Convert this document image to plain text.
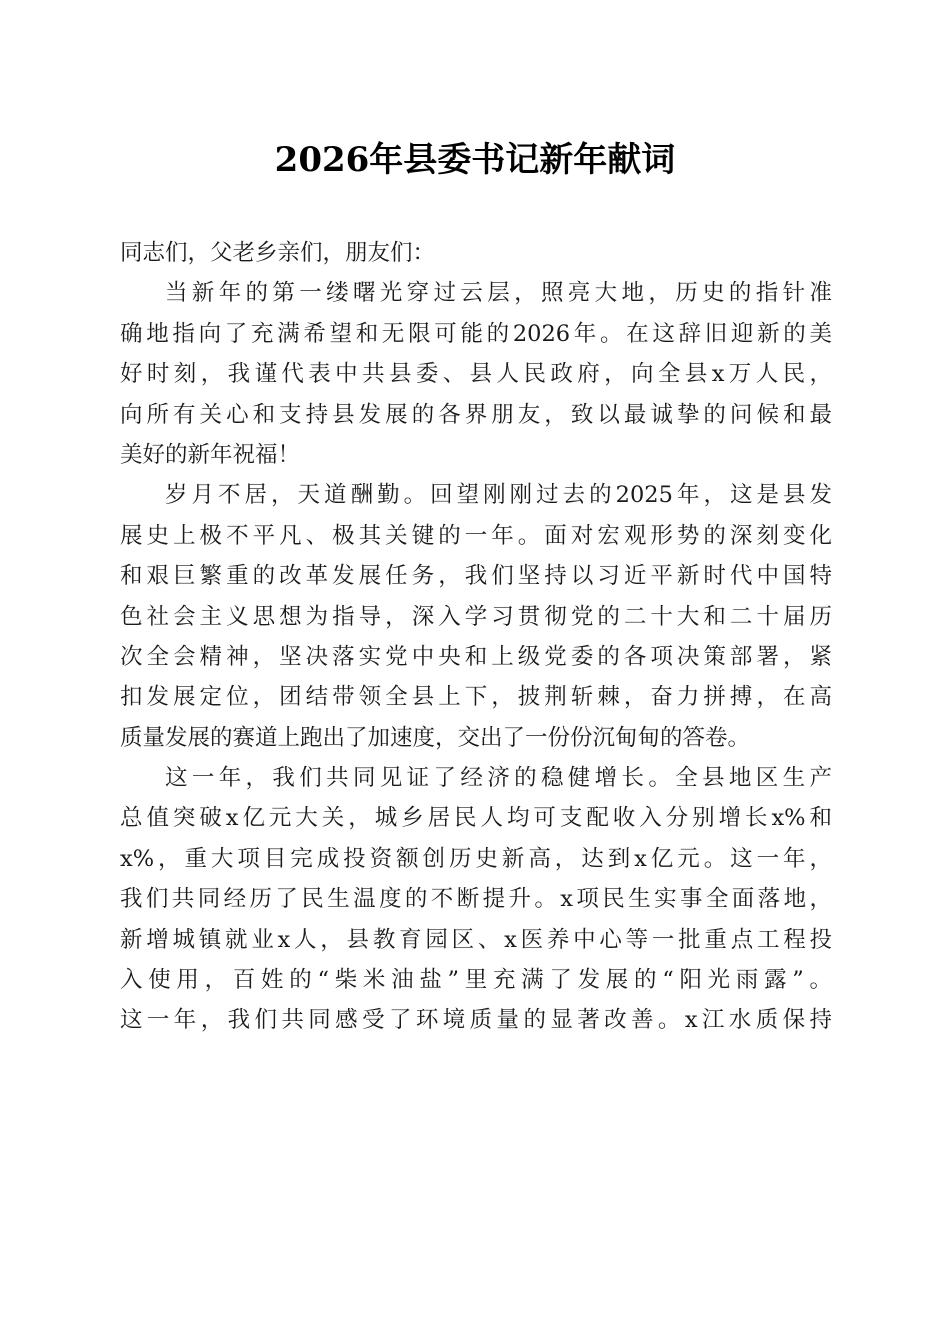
2026年县委书记新年献词
同志们，父老乡亲们，朋友们：
当新年的第一缕曙光穿过云层，照亮大地，历史的指针准
确地指向了充满希望和无限可能的2026年。在这辞旧迎新的美
好时刻，我谨代表中共县委、县人民政府，向全县x万人民，
向所有关心和支持县发展的各界朋友，致以最诚挚的问候和最
美好的新年祝福！
岁月不居，天道酬勤。回望刚刚过去的2025年，这是县发
展史上极不平凡、极其关键的一年。面对宏观形势的深刻变化
和艰巨繁重的改革发展任务，我们坚持以习近平新时代中国特
色社会主义思想为指导，深入学习贯彻党的二十大和二十届历
次全会精神，坚决落实党中央和上级党委的各项决策部署，紧
扣发展定位，团结带领全县上下，披荆斩棘，奋力拼搏，在高
质量发展的赛道上跑出了加速度，交出了一份份沉甸甸的答卷。
这一年，我们共同见证了经济的稳健增长。全县地区生产
总值突破x亿元大关，城乡居民人均可支配收入分别增长x%和
x%，重大项目完成投资额创历史新高，达到x亿元。这一年，
我们共同经历了民生温度的不断提升。x项民生实事全面落地，
新增城镇就业x人，县教育园区、x医养中心等一批重点工程投
入使用，百姓的“柴米油盐”里充满了发展的“阳光雨露”。
这一年，我们共同感受了环境质量的显著改善。x江水质保持
